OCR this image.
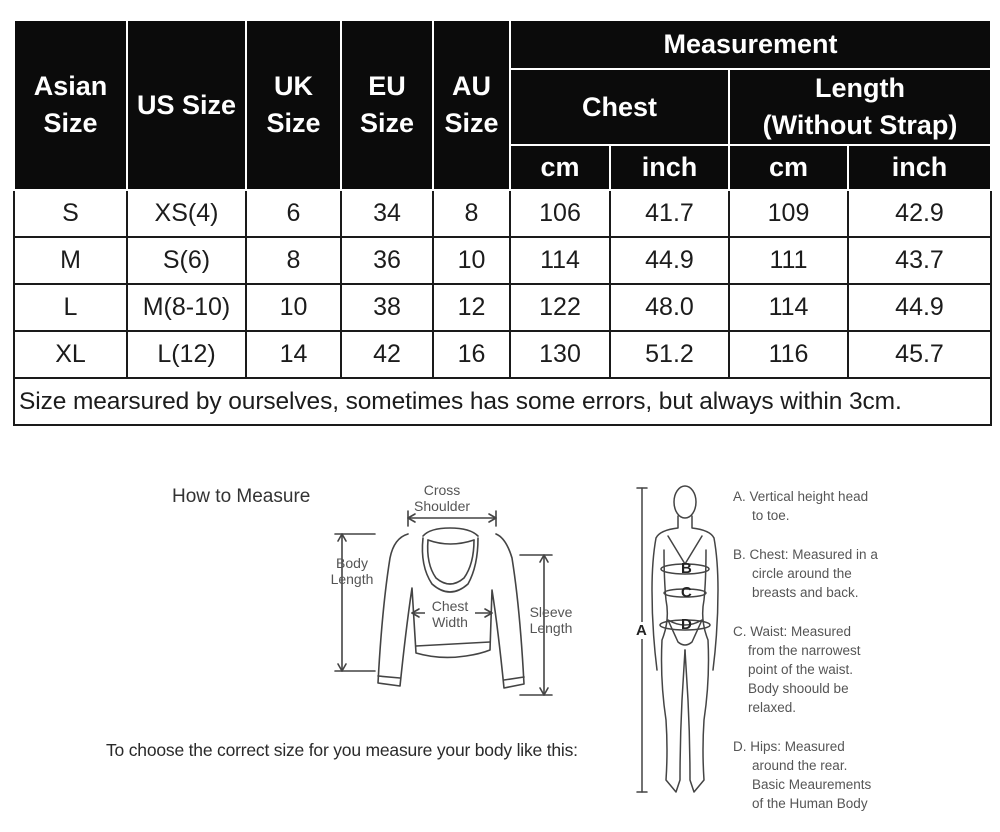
Asian Size	US Size	UK Size	EU Size	AU Size	Measurement			
					Chest		Length
(Without Strap)	
					cm	inch	cm	inch
S	XS(4)	6	34	8	106	41.7	109	42.9
M	S(6)	8	36	10	114	44.9	111	43.7
L	M(8-10)	10	38	12	122	48.0	114	44.9
XL	L(12)	14	42	16	130	51.2	116	45.7
Size mearsured by ourselves, sometimes has some errors, but always within 3cm.								
How to Measure	Cross
Shoulder
Body
Length
Chest
Width
Sleeve
Length
To choose the correct size for you measure your body like this:
B
C
D
A
A. Vertical height head
to toe.
B. Chest: Measured in a
circle around the
breasts and back.
C. Waist: Measured
from the narrowest
point of the waist.
Body shoould be
relaxed.
D. Hips: Measured
around the rear.
Basic Meaurements
of the Human Body
